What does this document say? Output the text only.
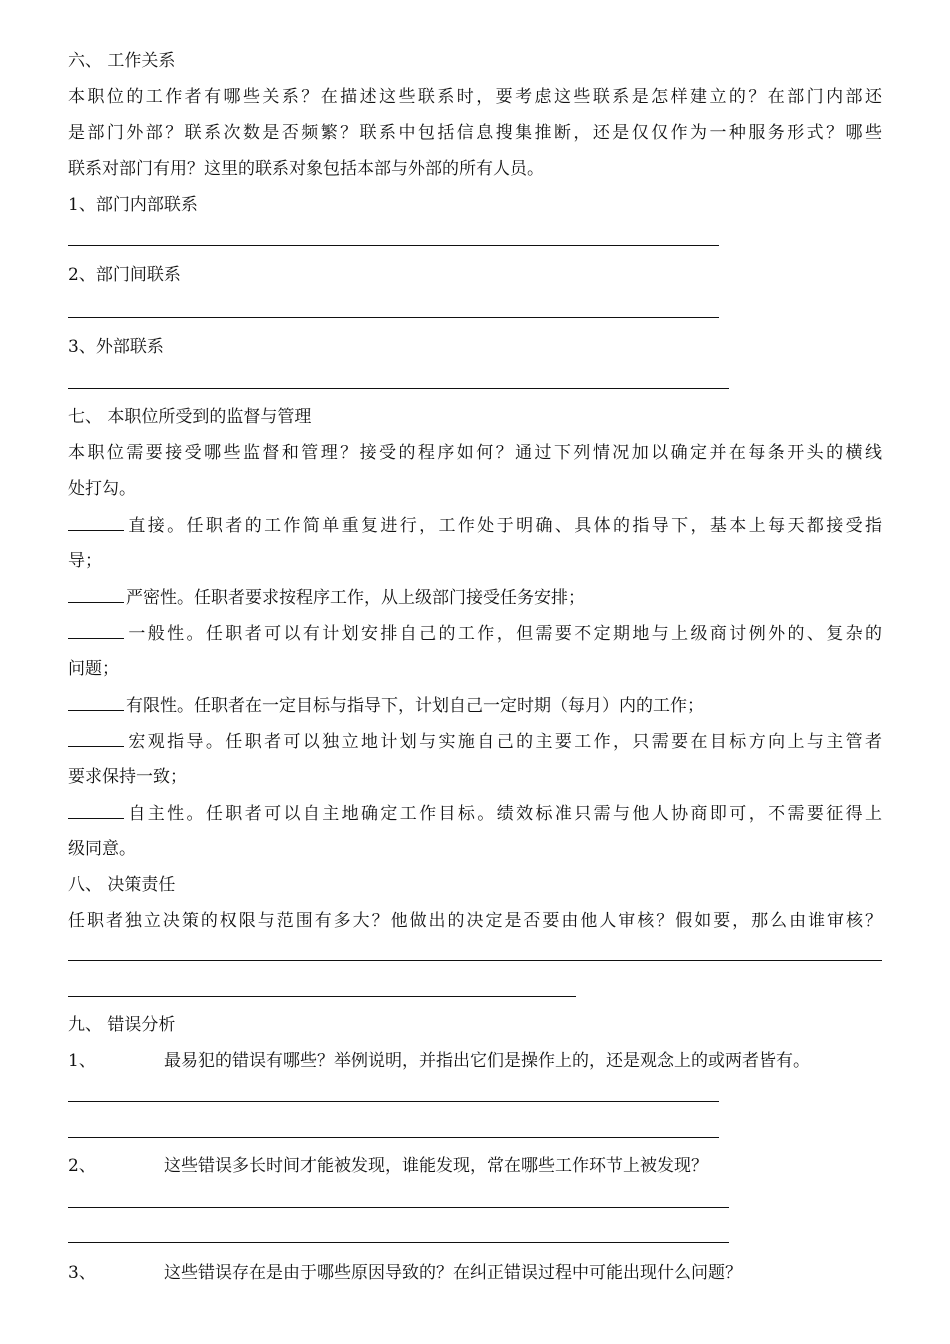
六、 工作关系
本职位的工作者有哪些关系？在描述这些联系时，要考虑这些联系是怎样建立的？在部门内部还
是部门外部？联系次数是否频繁？联系中包括信息搜集推断，还是仅仅作为一种服务形式？哪些
联系对部门有用？这里的联系对象包括本部与外部的所有人员。
1、部门内部联系
2、部门间联系
3、外部联系
七、 本职位所受到的监督与管理
本职位需要接受哪些监督和管理？接受的程序如何？通过下列情况加以确定并在每条开头的横线
处打勾。
直接。任职者的工作简单重复进行，工作处于明确、具体的指导下，基本上每天都接受指
导；
严密性。任职者要求按程序工作，从上级部门接受任务安排；
一般性。任职者可以有计划安排自己的工作，但需要不定期地与上级商讨例外的、复杂的
问题；
有限性。任职者在一定目标与指导下，计划自己一定时期（每月）内的工作；
宏观指导。任职者可以独立地计划与实施自己的主要工作，只需要在目标方向上与主管者
要求保持一致；
自主性。任职者可以自主地确定工作目标。绩效标准只需与他人协商即可，不需要征得上
级同意。
八、 决策责任
任职者独立决策的权限与范围有多大？他做出的决定是否要由他人审核？假如要，那么由谁审核？
九、 错误分析
1、	最易犯的错误有哪些？举例说明，并指出它们是操作上的，还是观念上的或两者皆有。
2、	这些错误多长时间才能被发现，谁能发现，常在哪些工作环节上被发现？
3、	这些错误存在是由于哪些原因导致的？在纠正错误过程中可能出现什么问题？
